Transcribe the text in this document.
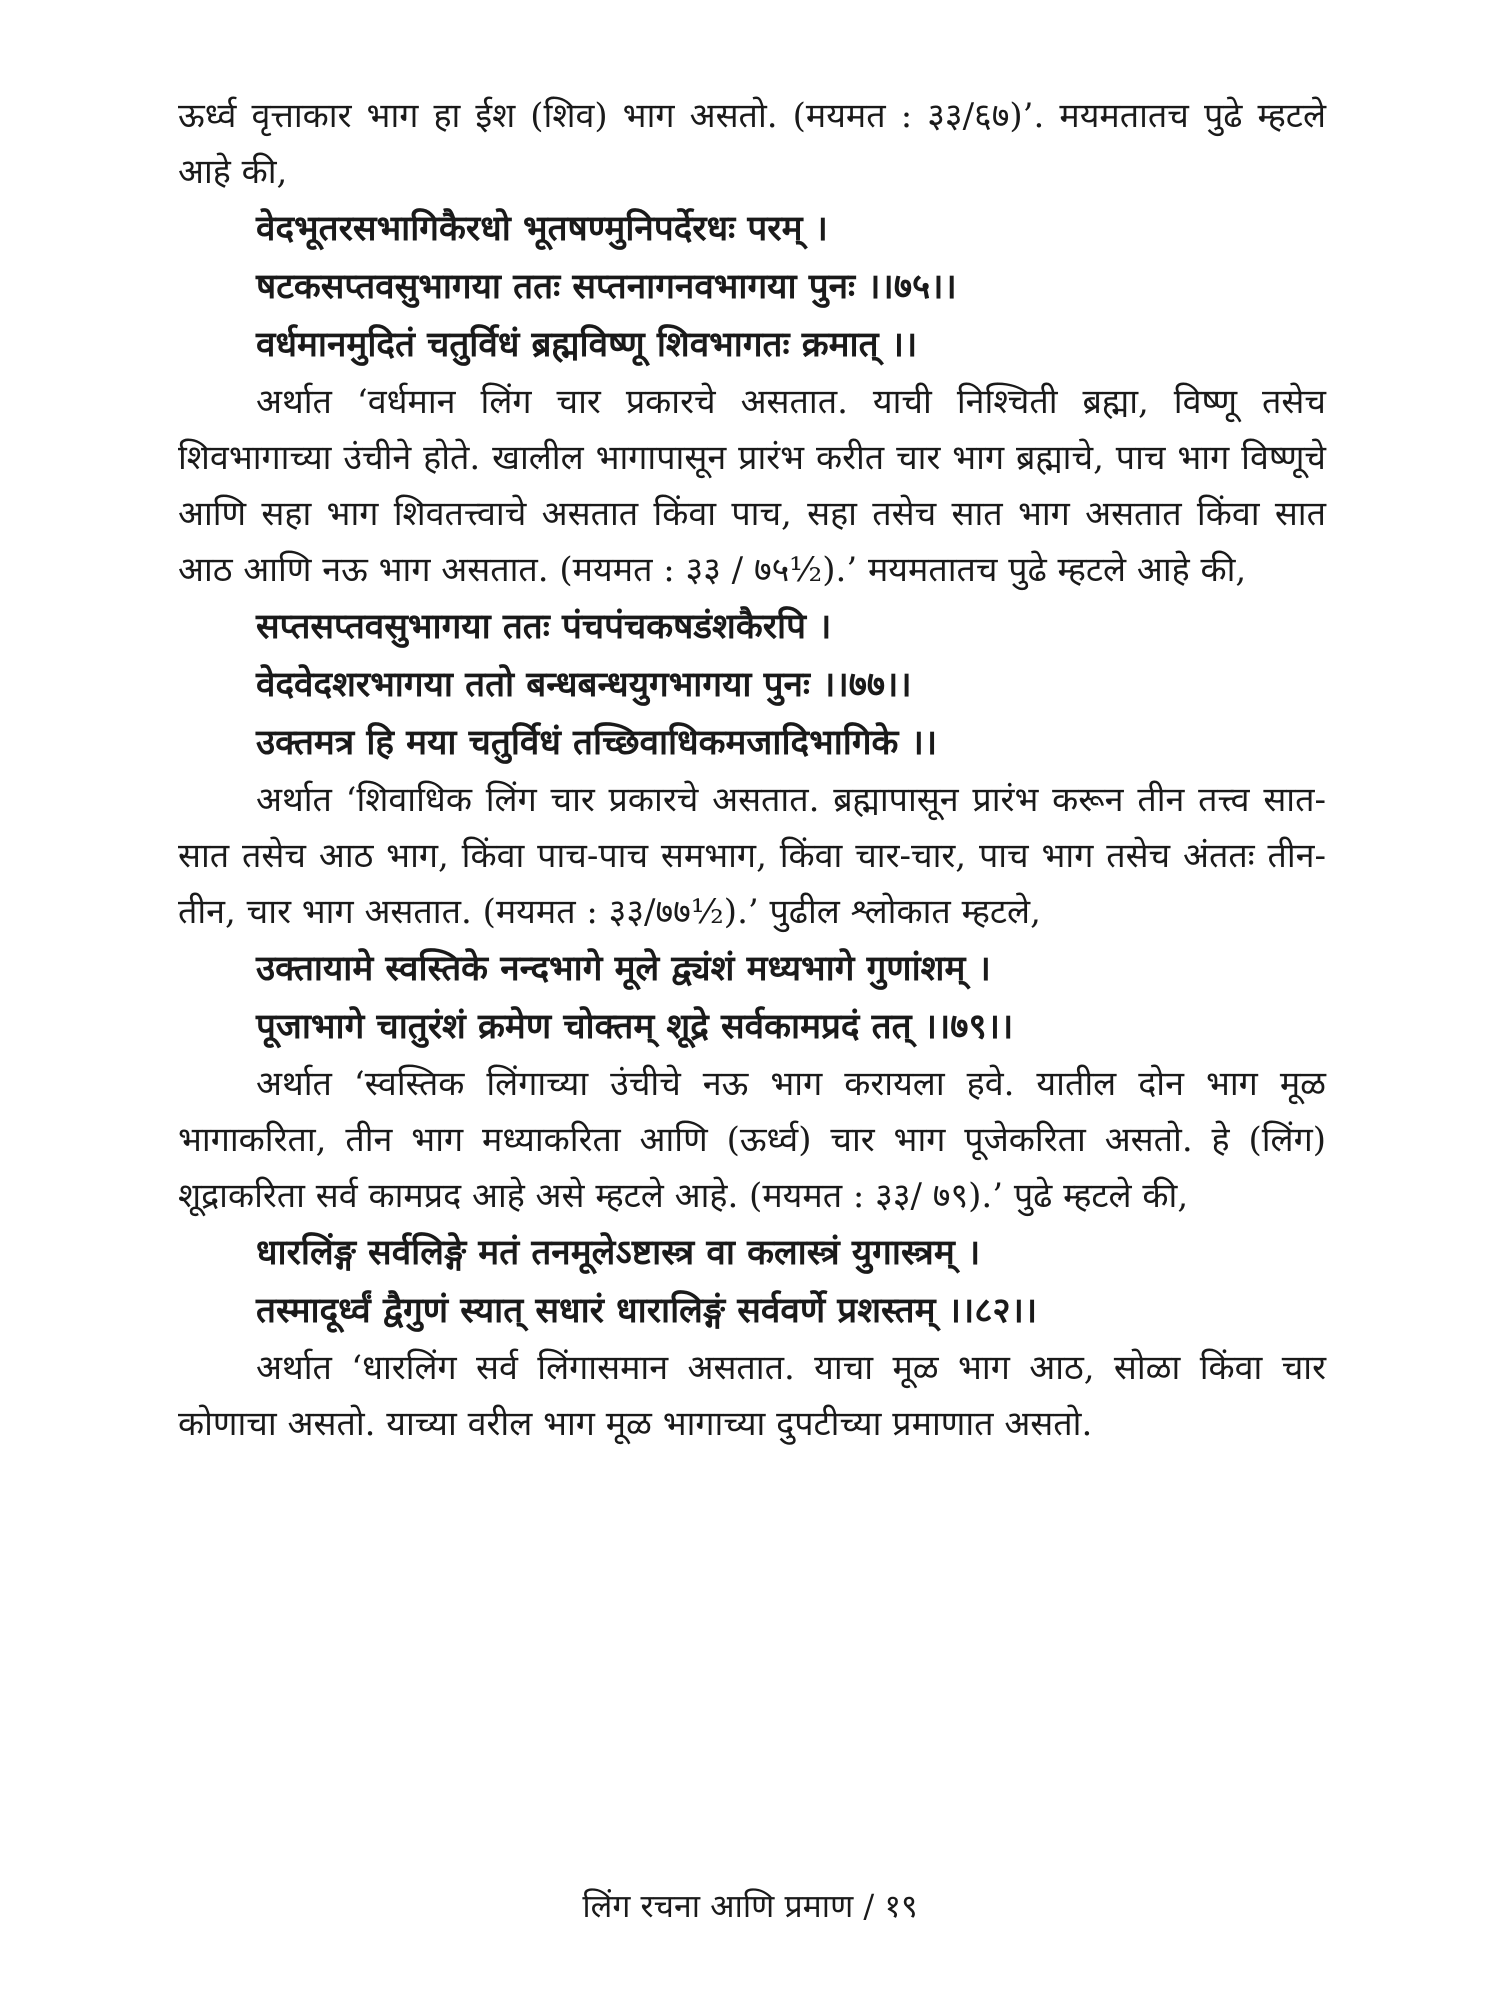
ऊर्ध्व वृत्ताकार भाग हा ईश (शिव) भाग असतो. (मयमत : ३३/६७)’. मयमतातच पुढे म्हटले आहे की,

वेदभूतरसभागिकैरधो भूतषण्मुनिपर्देरधः परम् ।

षटकसप्तवसुभागया ततः सप्तनागनवभागया पुनः ।।७५।।

वर्धमानमुदितं चतुर्विधं ब्रह्मविष्णू शिवभागतः क्रमात् ।।

अर्थात ‘वर्धमान लिंग चार प्रकारचे असतात. याची निश्चिती ब्रह्मा, विष्णू तसेच शिवभागाच्या उंचीने होते. खालील भागापासून प्रारंभ करीत चार भाग ब्रह्माचे, पाच भाग विष्णूचे आणि सहा भाग शिवतत्त्वाचे असतात किंवा पाच, सहा तसेच सात भाग असतात किंवा सात आठ आणि नऊ भाग असतात. (मयमत : ३३ / ७५½).’ मयमतातच पुढे म्हटले आहे की,

सप्तसप्तवसुभागया ततः पंचपंचकषडंशकैरपि ।

वेदवेदशरभागया ततो बन्धबन्धयुगभागया पुनः ।।७७।।

उक्तमत्र हि मया चतुर्विधं तच्छिवाधिकमजादिभागिके ।।

अर्थात ‘शिवाधिक लिंग चार प्रकारचे असतात. ब्रह्मापासून प्रारंभ करून तीन तत्त्व सात-सात तसेच आठ भाग, किंवा पाच-पाच समभाग, किंवा चार-चार, पाच भाग तसेच अंततः तीन-तीन, चार भाग असतात. (मयमत : ३३/७७½).’ पुढील श्लोकात म्हटले,

उक्तायामे स्वस्तिके नन्दभागे मूले द्व्यंशं मध्यभागे गुणांशम् ।

पूजाभागे चातुरंशं क्रमेण चोक्तम् शूद्रे सर्वकामप्रदं तत् ।।७९।।

अर्थात ‘स्वस्तिक लिंगाच्या उंचीचे नऊ भाग करायला हवे. यातील दोन भाग मूळ भागाकरिता, तीन भाग मध्याकरिता आणि (ऊर्ध्व) चार भाग पूजेकरिता असतो. हे (लिंग) शूद्राकरिता सर्व कामप्रद आहे असे म्हटले आहे. (मयमत : ३३/ ७९).’ पुढे म्हटले की,

धारलिंङ्ग सर्वलिङ्गे मतं तनमूलेऽष्टास्त्र वा कलास्त्रं युगास्त्रम् ।

तस्मादूर्ध्वं द्वैगुणं स्यात् सधारं धारालिङ्गं सर्ववर्णे प्रशस्तम् ।।८२।।

अर्थात ‘धारलिंग सर्व लिंगासमान असतात. याचा मूळ भाग आठ, सोळा किंवा चार कोणाचा असतो. याच्या वरील भाग मूळ भागाच्या दुपटीच्या प्रमाणात असतो.

लिंग रचना आणि प्रमाण / १९
